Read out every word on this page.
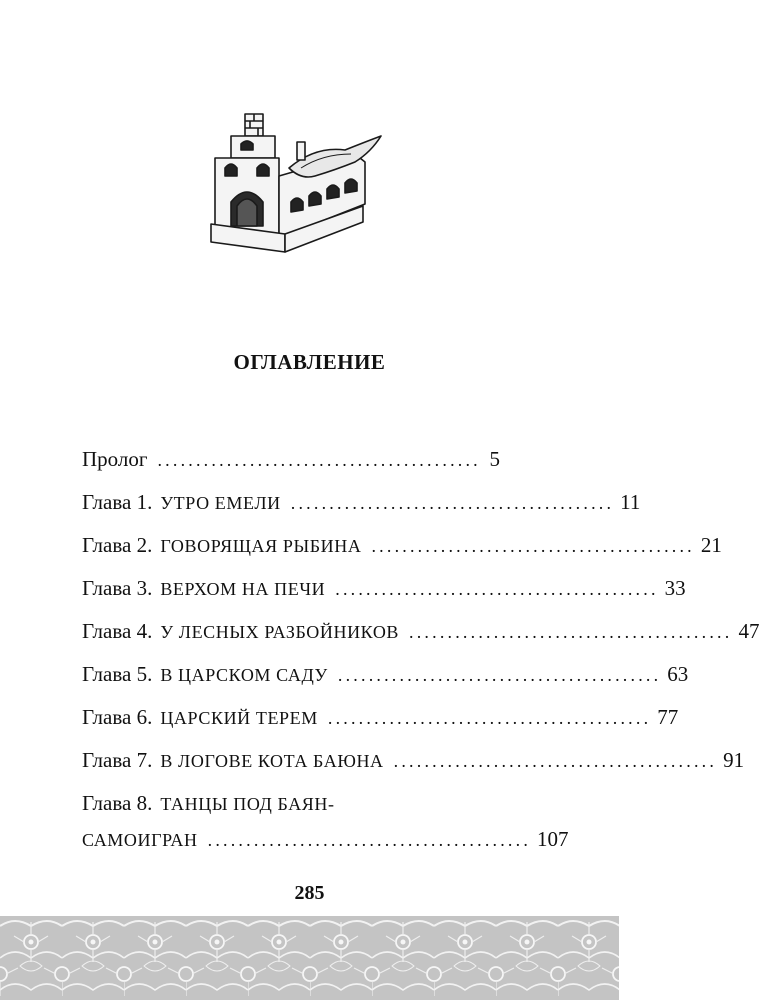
ОГЛАВЛЕНИЕ
Пролог .......................................... 5
Глава 1. УТРО ЕМЕЛИ .......................................... 11
Глава 2. ГОВОРЯЩАЯ РЫБИНА .......................................... 21
Глава 3. ВЕРХОМ НА ПЕЧИ .......................................... 33
Глава 4. У ЛЕСНЫХ РАЗБОЙНИКОВ .......................................... 47
Глава 5. В ЦАРСКОМ САДУ .......................................... 63
Глава 6. ЦАРСКИЙ ТЕРЕМ .......................................... 77
Глава 7. В ЛОГОВЕ КОТА БАЮНА .......................................... 91
Глава 8. ТАНЦЫ ПОД БАЯН-
САМОИГРАН .......................................... 107
285
